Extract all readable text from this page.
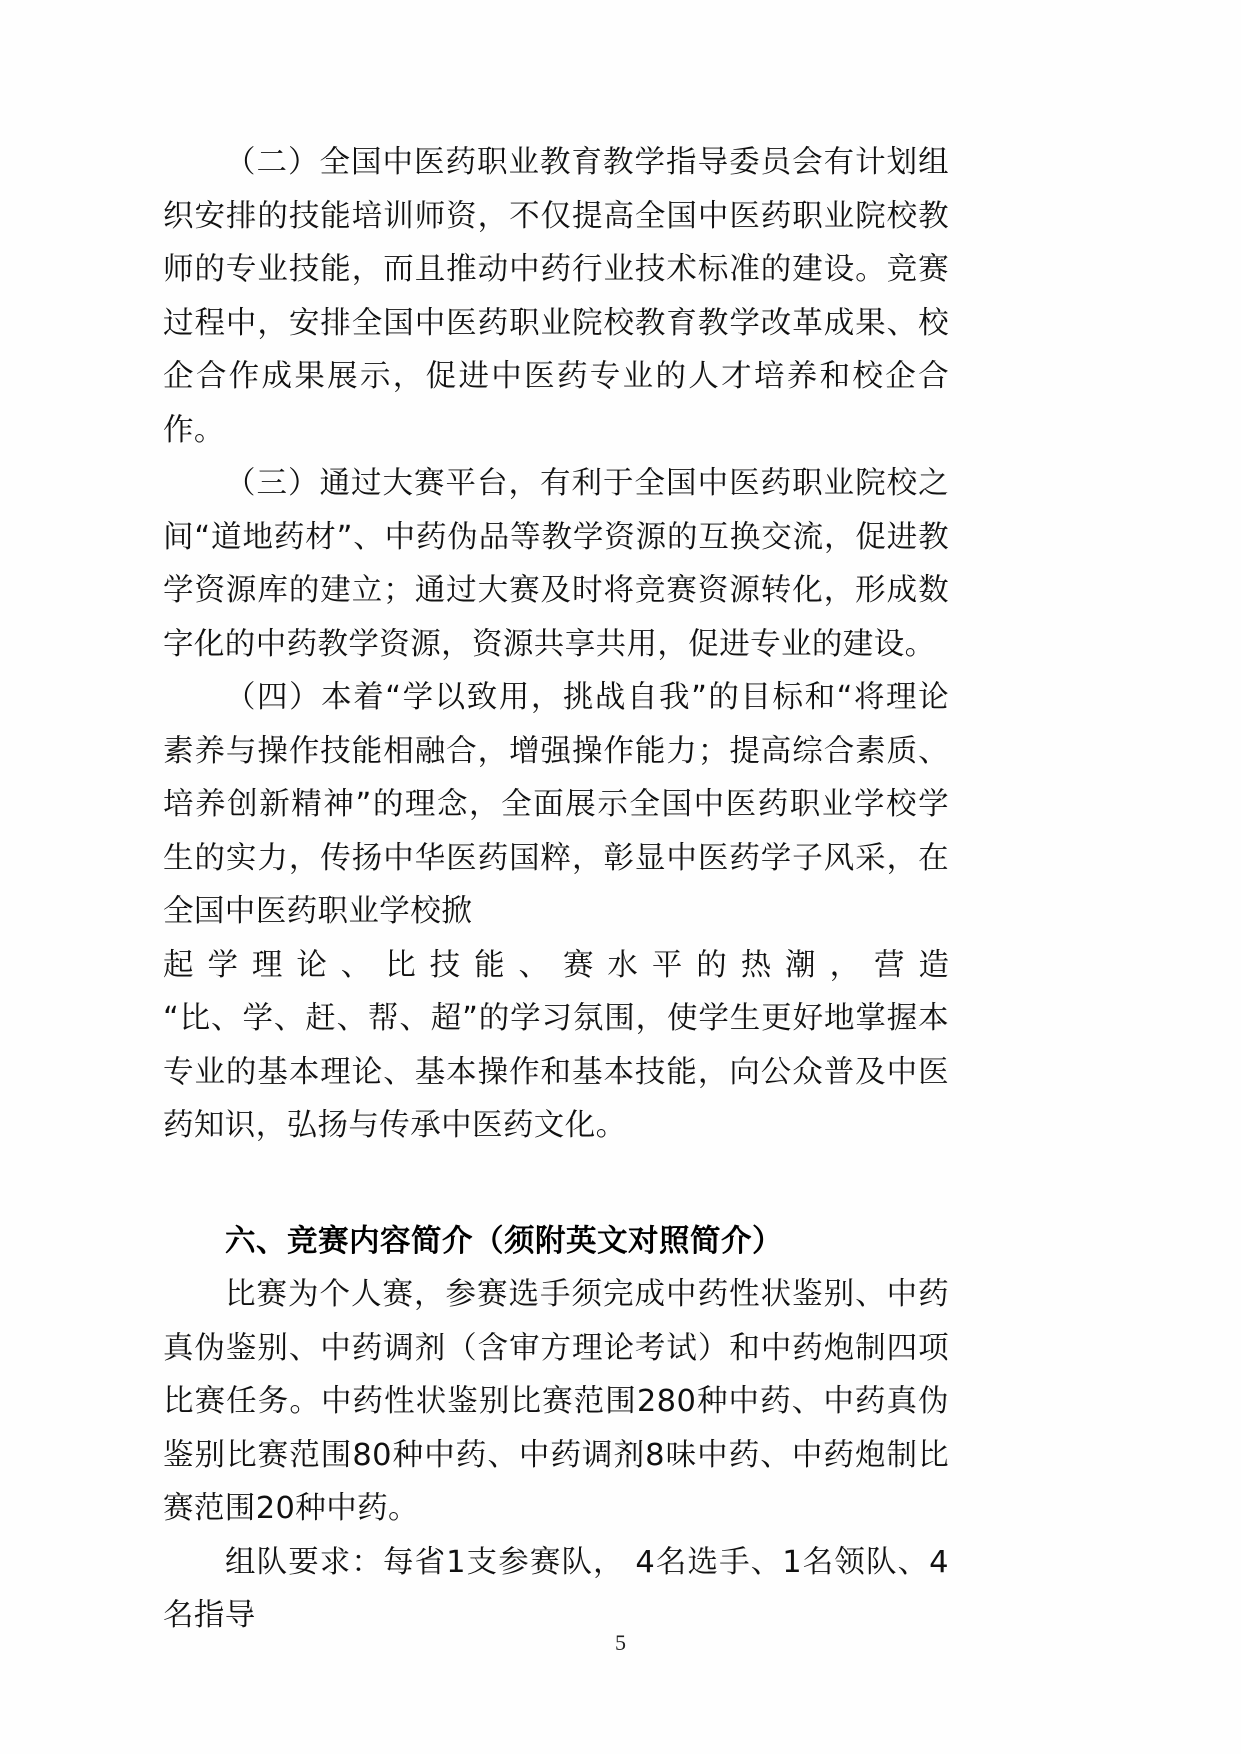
（二）全国中医药职业教育教学指导委员会有计划组织安排的技能培训师资，不仅提高全国中医药职业院校教师的专业技能，而且推动中药行业技术标准的建设。竞赛过程中，安排全国中医药职业院校教育教学改革成果、校企合作成果展示，促进中医药专业的人才培养和校企合作。

（三）通过大赛平台，有利于全国中医药职业院校之间“道地药材”、中药伪品等教学资源的互换交流，促进教学资源库的建立；通过大赛及时将竞赛资源转化，形成数字化的中药教学资源，资源共享共用，促进专业的建设。

（四）本着“学以致用，挑战自我”的目标和“将理论素养与操作技能相融合，增强操作能力；提高综合素质、培养创新精神”的理念，全面展示全国中医药职业学校学生的实力，传扬中华医药国粹，彰显中医药学子风采，在全国中医药职业学校掀

起学理论、比技能、赛水平的热潮，营造

“比、学、赶、帮、超”的学习氛围，使学生更好地掌握本专业的基本理论、基本操作和基本技能，向公众普及中医药知识，弘扬与传承中医药文化。

六、竞赛内容简介（须附英文对照简介）

比赛为个人赛，参赛选手须完成中药性状鉴别、中药真伪鉴别、中药调剂（含审方理论考试）和中药炮制四项比赛任务。中药性状鉴别比赛范围280种中药、中药真伪鉴别比赛范围80种中药、中药调剂8味中药、中药炮制比赛范围20种中药。

组队要求：每省1支参赛队， 4名选手、1名领队、4名指导

5
